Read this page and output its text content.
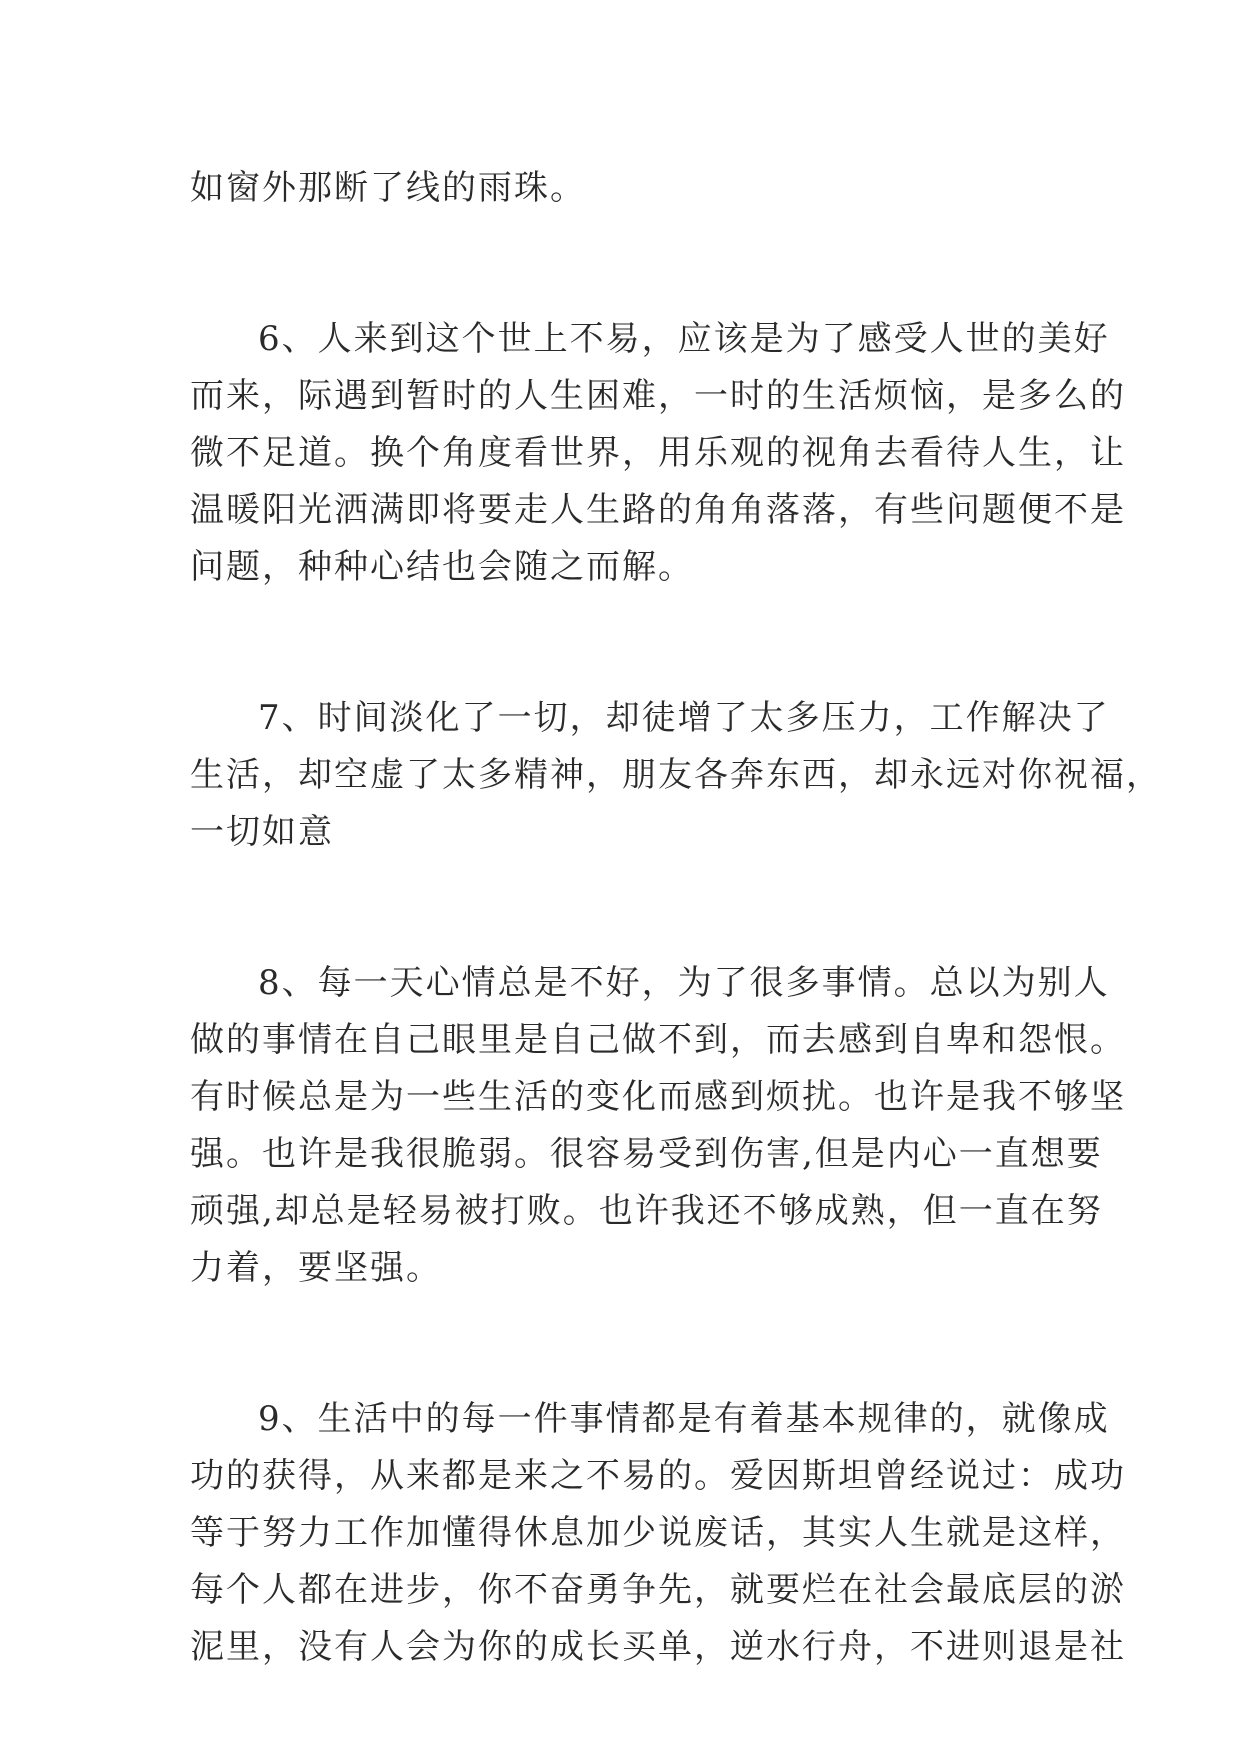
如窗外那断了线的雨珠。
6、人来到这个世上不易，应该是为了感受人世的美好
而来，际遇到暂时的人生困难，一时的生活烦恼，是多么的
微不足道。换个角度看世界，用乐观的视角去看待人生，让
温暖阳光洒满即将要走人生路的角角落落，有些问题便不是
问题，种种心结也会随之而解。
7、时间淡化了一切，却徒增了太多压力，工作解决了
生活，却空虚了太多精神，朋友各奔东西，却永远对你祝福，
一切如意
8、每一天心情总是不好，为了很多事情。总以为别人
做的事情在自己眼里是自己做不到，而去感到自卑和怨恨。
有时候总是为一些生活的变化而感到烦扰。也许是我不够坚
强。也许是我很脆弱。很容易受到伤害,但是内心一直想要
顽强,却总是轻易被打败。也许我还不够成熟，但一直在努
力着，要坚强。
9、生活中的每一件事情都是有着基本规律的，就像成
功的获得，从来都是来之不易的。爱因斯坦曾经说过：成功
等于努力工作加懂得休息加少说废话，其实人生就是这样，
每个人都在进步，你不奋勇争先，就要烂在社会最底层的淤
泥里，没有人会为你的成长买单，逆水行舟，不进则退是社
